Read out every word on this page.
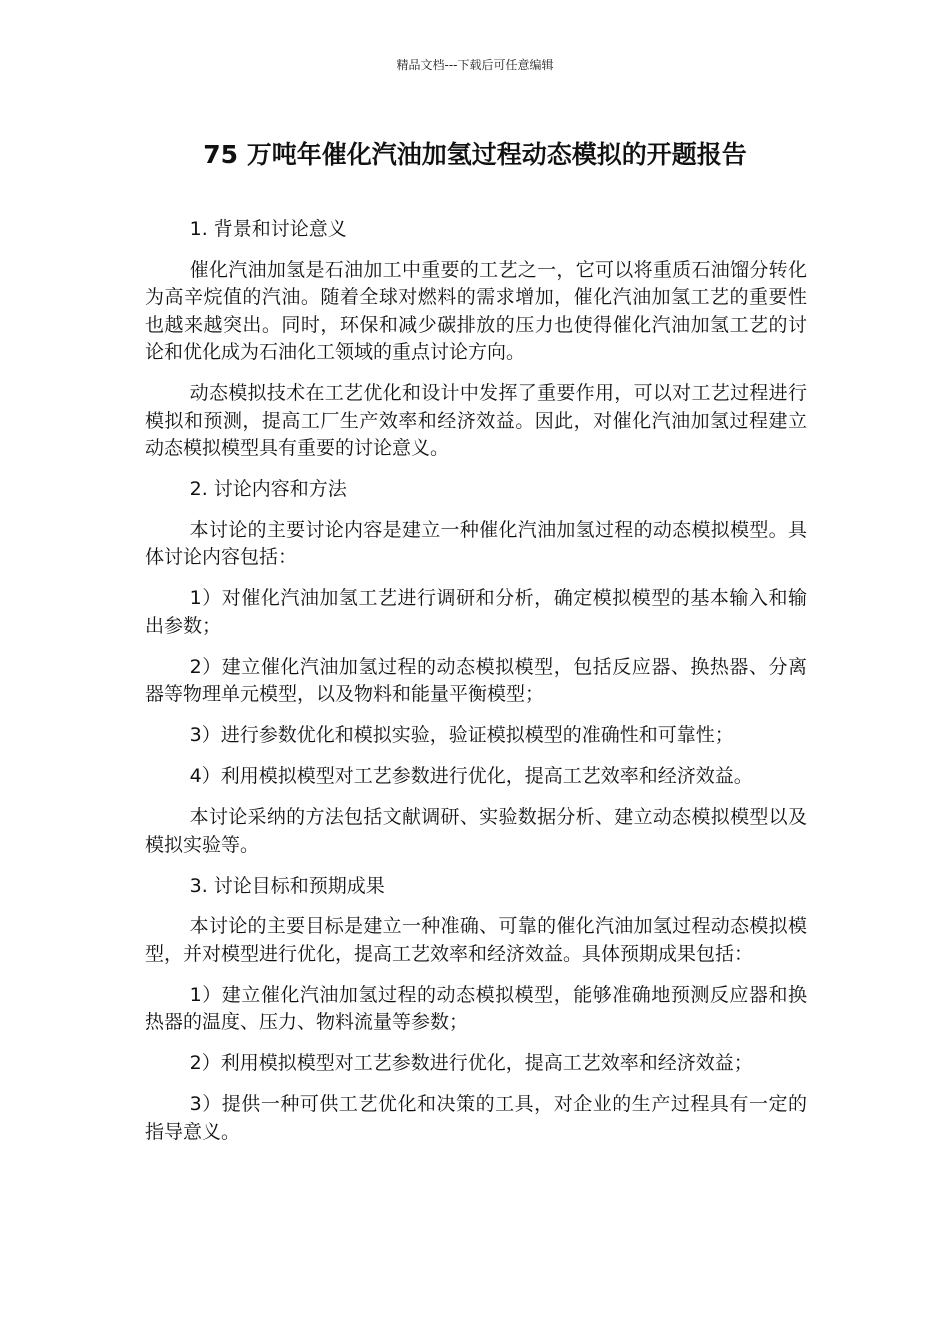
精品文档---下载后可任意编辑
75 万吨年催化汽油加氢过程动态模拟的开题报告

1. 背景和讨论意义

催化汽油加氢是石油加工中重要的工艺之一，它可以将重质石油馏分转化为高辛烷值的汽油。随着全球对燃料的需求增加，催化汽油加氢工艺的重要性也越来越突出。同时，环保和减少碳排放的压力也使得催化汽油加氢工艺的讨论和优化成为石油化工领域的重点讨论方向。

动态模拟技术在工艺优化和设计中发挥了重要作用，可以对工艺过程进行模拟和预测，提高工厂生产效率和经济效益。因此，对催化汽油加氢过程建立动态模拟模型具有重要的讨论意义。

2. 讨论内容和方法

本讨论的主要讨论内容是建立一种催化汽油加氢过程的动态模拟模型。具体讨论内容包括：

1）对催化汽油加氢工艺进行调研和分析，确定模拟模型的基本输入和输出参数；

2）建立催化汽油加氢过程的动态模拟模型，包括反应器、换热器、分离器等物理单元模型，以及物料和能量平衡模型；

3）进行参数优化和模拟实验，验证模拟模型的准确性和可靠性；

4）利用模拟模型对工艺参数进行优化，提高工艺效率和经济效益。

本讨论采纳的方法包括文献调研、实验数据分析、建立动态模拟模型以及模拟实验等。

3. 讨论目标和预期成果

本讨论的主要目标是建立一种准确、可靠的催化汽油加氢过程动态模拟模型，并对模型进行优化，提高工艺效率和经济效益。具体预期成果包括：

1）建立催化汽油加氢过程的动态模拟模型，能够准确地预测反应器和换热器的温度、压力、物料流量等参数；

2）利用模拟模型对工艺参数进行优化，提高工艺效率和经济效益；

3）提供一种可供工艺优化和决策的工具，对企业的生产过程具有一定的指导意义。
